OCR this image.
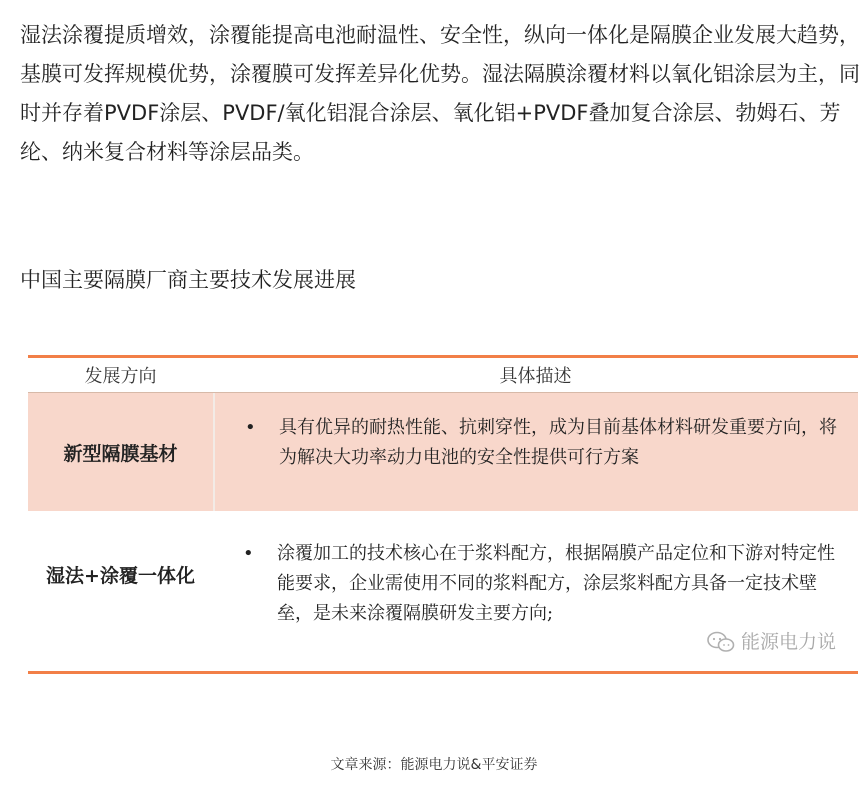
湿法涂覆提质增效，涂覆能提高电池耐温性、安全性，纵向一体化是隔膜企业发展大趋势，基膜可发挥规模优势，涂覆膜可发挥差异化优势。湿法隔膜涂覆材料以氧化铝涂层为主，同时并存着PVDF涂层、PVDF/氧化铝混合涂层、氧化铝+PVDF叠加复合涂层、勃姆石、芳纶、纳米复合材料等涂层品类。

中国主要隔膜厂商主要技术发展进展

发展方向	具体描述
新型隔膜基材
• 具有优异的耐热性能、抗刺穿性，成为目前基体材料研发重要方向，将为解决大功率动力电池的安全性提供可行方案
湿法+涂覆一体化
• 涂覆加工的技术核心在于浆料配方，根据隔膜产品定位和下游对特定性能要求，企业需使用不同的浆料配方，涂层浆料配方具备一定技术壁垒，是未来涂覆隔膜研发主要方向;
能源电力说
文章来源：能源电力说&平安证券
